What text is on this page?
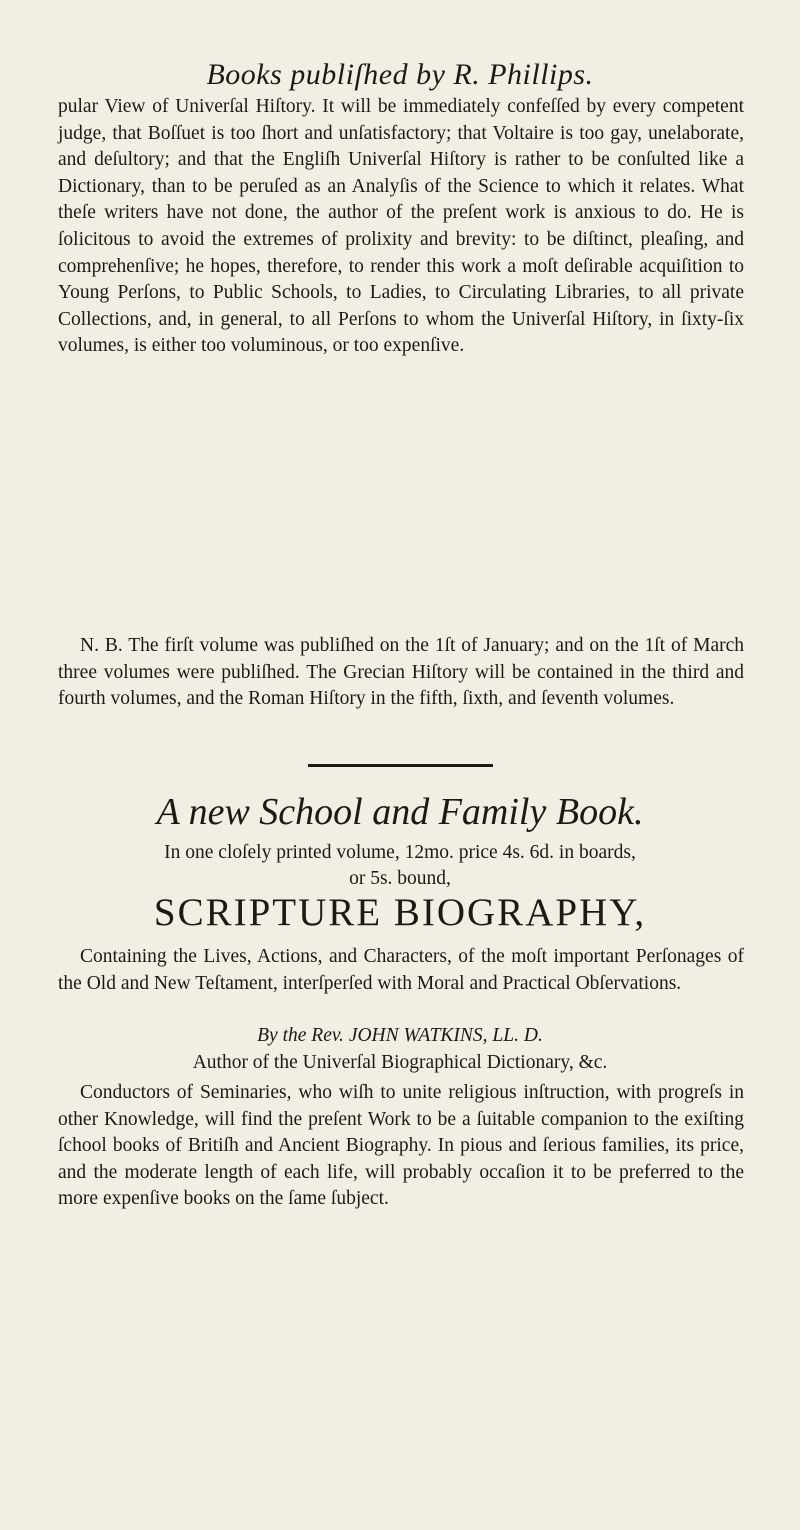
Books publiſhed by R. Phillips.

pular View of Univerſal Hiſtory. It will be immediately confeſſed by every competent judge, that Boſſuet is too ſhort and unſatisfactory; that Voltaire is too gay, unelaborate, and deſultory; and that the Engliſh Univerſal Hiſtory is rather to be conſulted like a Dictionary, than to be peruſed as an Analyſis of the Science to which it relates. What theſe writers have not done, the author of the preſent work is anxious to do. He is ſolicitous to avoid the extremes of prolixity and brevity: to be diſtinct, pleaſing, and comprehenſive; he hopes, therefore, to render this work a moſt deſirable acquiſition to Young Perſons, to Public Schools, to Ladies, to Circulating Libraries, to all private Collections, and, in general, to all Perſons to whom the Univerſal Hiſtory, in ſixty-ſix volumes, is either too voluminous, or too expenſive.

N. B. The firſt volume was publiſhed on the 1ſt of January; and on the 1ſt of March three volumes were publiſhed. The Grecian Hiſtory will be contained in the third and fourth volumes, and the Roman Hiſtory in the fifth, ſixth, and ſeventh volumes.

A new School and Family Book.
In one cloſely printed volume, 12mo. price 4s. 6d. in boards,
or 5s. bound,
SCRIPTURE BIOGRAPHY,

Containing the Lives, Actions, and Characters, of the moſt important Perſonages of the Old and New Teſtament, interſperſed with Moral and Practical Obſervations.

By the Rev. JOHN WATKINS, LL. D.
Author of the Univerſal Biographical Dictionary, &c.

Conductors of Seminaries, who wiſh to unite religious inſtruction, with progreſs in other Knowledge, will find the preſent Work to be a ſuitable companion to the exiſting ſchool books of Britiſh and Ancient Biography. In pious and ſerious families, its price, and the moderate length of each life, will probably occaſion it to be preferred to the more expenſive books on the ſame ſubject.
